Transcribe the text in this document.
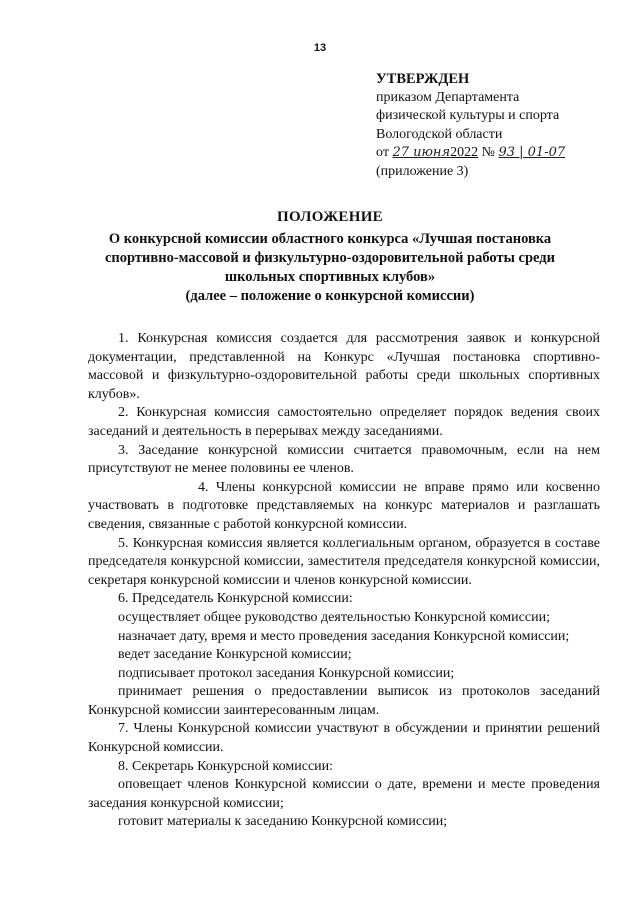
13
УТВЕРЖДЕН
приказом Департамента
физической культуры и спорта
Вологодской области
от 27 июня2022 № 93 | 01-07
(приложение 3)
ПОЛОЖЕНИЕ
О конкурсной комиссии областного конкурса «Лучшая постановка
спортивно-массовой и физкультурно-оздоровительной работы среди
школьных спортивных клубов»
(далее – положение о конкурсной комиссии)

1. Конкурсная комиссия создается для рассмотрения заявок и конкурсной документации, представленной на Конкурс «Лучшая постановка спортивно-массовой и физкультурно-оздоровительной работы среди школьных спортивных клубов».

2. Конкурсная комиссия самостоятельно определяет порядок ведения своих заседаний и деятельность в перерывах между заседаниями.

3. Заседание конкурсной комиссии считается правомочным, если на нем присутствуют не менее половины ее членов.

4. Члены конкурсной комиссии не вправе прямо или косвенно участвовать в подготовке представляемых на конкурс материалов и разглашать сведения, связанные с работой конкурсной комиссии.

5. Конкурсная комиссия является коллегиальным органом, образуется в составе председателя конкурсной комиссии, заместителя председателя конкурсной комиссии, секретаря конкурсной комиссии и членов конкурсной комиссии.

6. Председатель Конкурсной комиссии:

осуществляет общее руководство деятельностью Конкурсной комиссии;

назначает дату, время и место проведения заседания Конкурсной комиссии;

ведет заседание Конкурсной комиссии;

подписывает протокол заседания Конкурсной комиссии;

принимает решения о предоставлении выписок из протоколов заседаний Конкурсной комиссии заинтересованным лицам.

7. Члены Конкурсной комиссии участвуют в обсуждении и принятии решений Конкурсной комиссии.

8. Секретарь Конкурсной комиссии:

оповещает членов Конкурсной комиссии о дате, времени и месте проведения заседания конкурсной комиссии;

готовит материалы к заседанию Конкурсной комиссии;
